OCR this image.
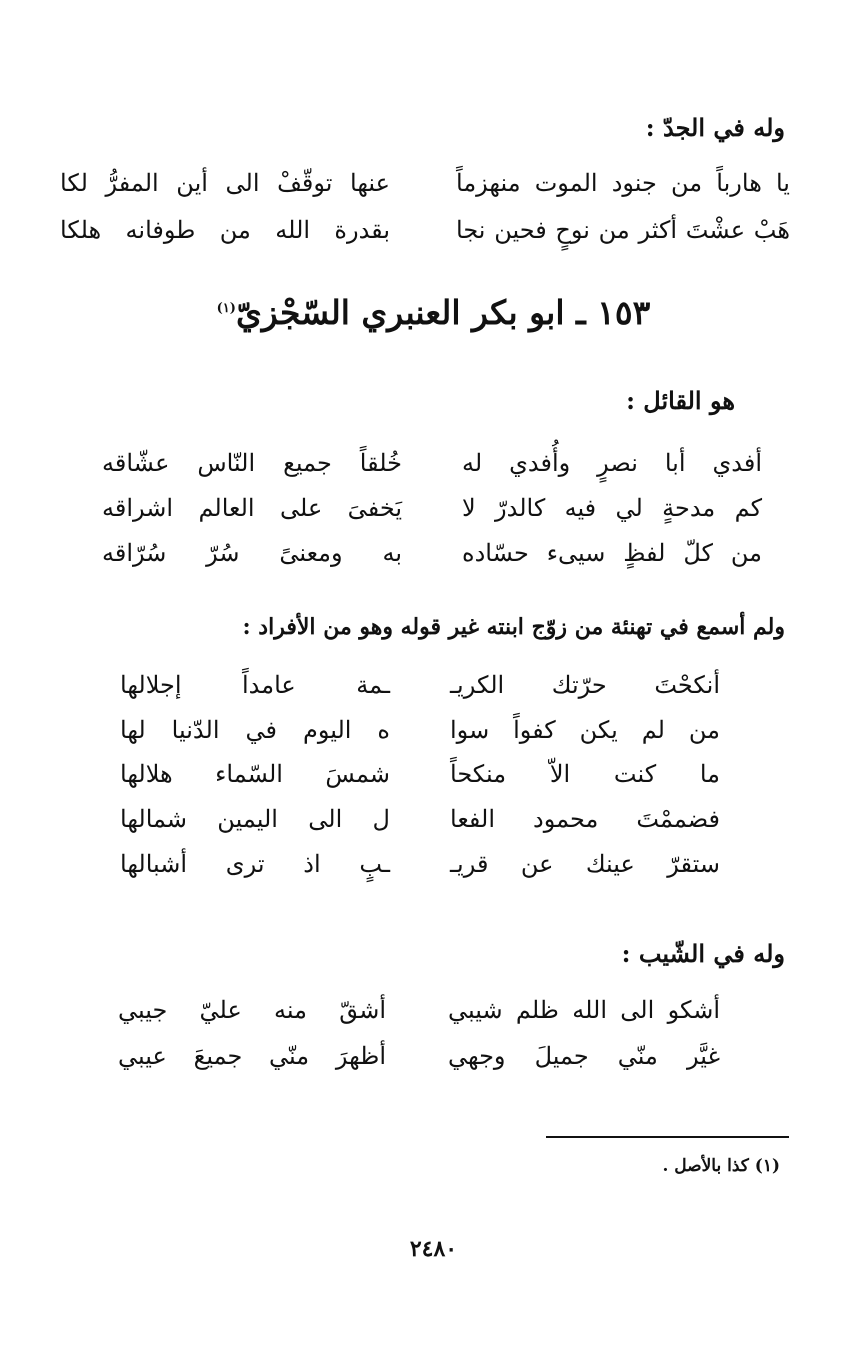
وله في الجدّ :
يا هارباً من جنود الموت منهزماً
عنها توقّفْ الى أين المفرُّ لكا
هَبْ عشْتَ أكثر من نوحٍ فحين نجا
بقدرة الله من طوفانه هلكا
١٥٣ ـ ابو بكر العنبري السّجْزيّ$^{(١)}$
هو القائل :
أفدي أبا نصرٍ وأُفدي له
خُلقاً جميع النّاس عشّاقه
كم مدحةٍ لي فيه كالدرّ لا
يَخفىَ على العالم اشراقه
من كلّ لفظٍ سيىء حسّاده
به ومعنىً سُرّ سُرّاقه
ولم أسمع في تهنئة من زوّج ابنته غير قوله وهو من الأفراد :
أنكحْتَ حرّتك الكريـ
ـمة عامداً إجلالها
من لم يكن كفواً سوا
ه اليوم في الدّنيا لها
ما كنت الاّ منكحاً
شمسَ السّماء هلالها
فضممْتَ محمود الفعا
ل الى اليمين شمالها
ستقرّ عينك عن قريـ
ـبٍ اذ ترى أشبالها
وله في الشّيب :
أشكو الى الله ظلم شيبي
أشقّ منه عليّ جيبي
غيَّر منّي جميلَ وجهي
أظهرَ منّي جميعَ عيبي
(١) كذا بالأصل .
٢٤٨٠
